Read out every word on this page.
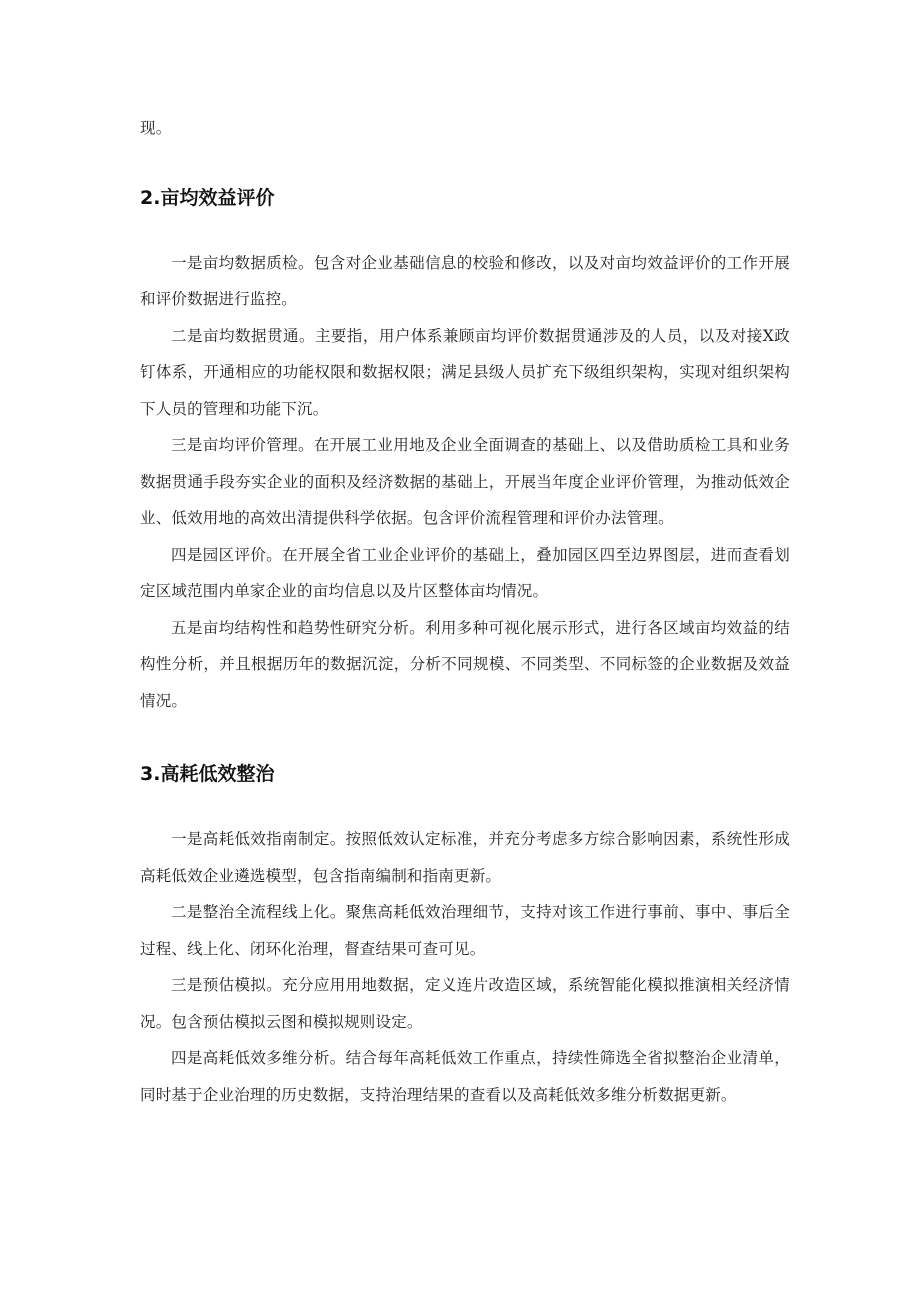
现。

2.亩均效益评价

一是亩均数据质检。包含对企业基础信息的校验和修改，以及对亩均效益评价的工作开展和评价数据进行监控。

二是亩均数据贯通。主要指，用户体系兼顾亩均评价数据贯通涉及的人员，以及对接X政钉体系，开通相应的功能权限和数据权限；满足县级人员扩充下级组织架构，实现对组织架构下人员的管理和功能下沉。

三是亩均评价管理。在开展工业用地及企业全面调查的基础上、以及借助质检工具和业务数据贯通手段夯实企业的面积及经济数据的基础上，开展当年度企业评价管理，为推动低效企业、低效用地的高效出清提供科学依据。包含评价流程管理和评价办法管理。

四是园区评价。在开展全省工业企业评价的基础上，叠加园区四至边界图层，进而查看划定区域范围内单家企业的亩均信息以及片区整体亩均情况。

五是亩均结构性和趋势性研究分析。利用多种可视化展示形式，进行各区域亩均效益的结构性分析，并且根据历年的数据沉淀，分析不同规模、不同类型、不同标签的企业数据及效益情况。

3.高耗低效整治

一是高耗低效指南制定。按照低效认定标准，并充分考虑多方综合影响因素，系统性形成高耗低效企业遴选模型，包含指南编制和指南更新。

二是整治全流程线上化。聚焦高耗低效治理细节，支持对该工作进行事前、事中、事后全过程、线上化、闭环化治理，督查结果可查可见。

三是预估模拟。充分应用用地数据，定义连片改造区域，系统智能化模拟推演相关经济情况。包含预估模拟云图和模拟规则设定。

四是高耗低效多维分析。结合每年高耗低效工作重点，持续性筛选全省拟整治企业清单，同时基于企业治理的历史数据，支持治理结果的查看以及高耗低效多维分析数据更新。
